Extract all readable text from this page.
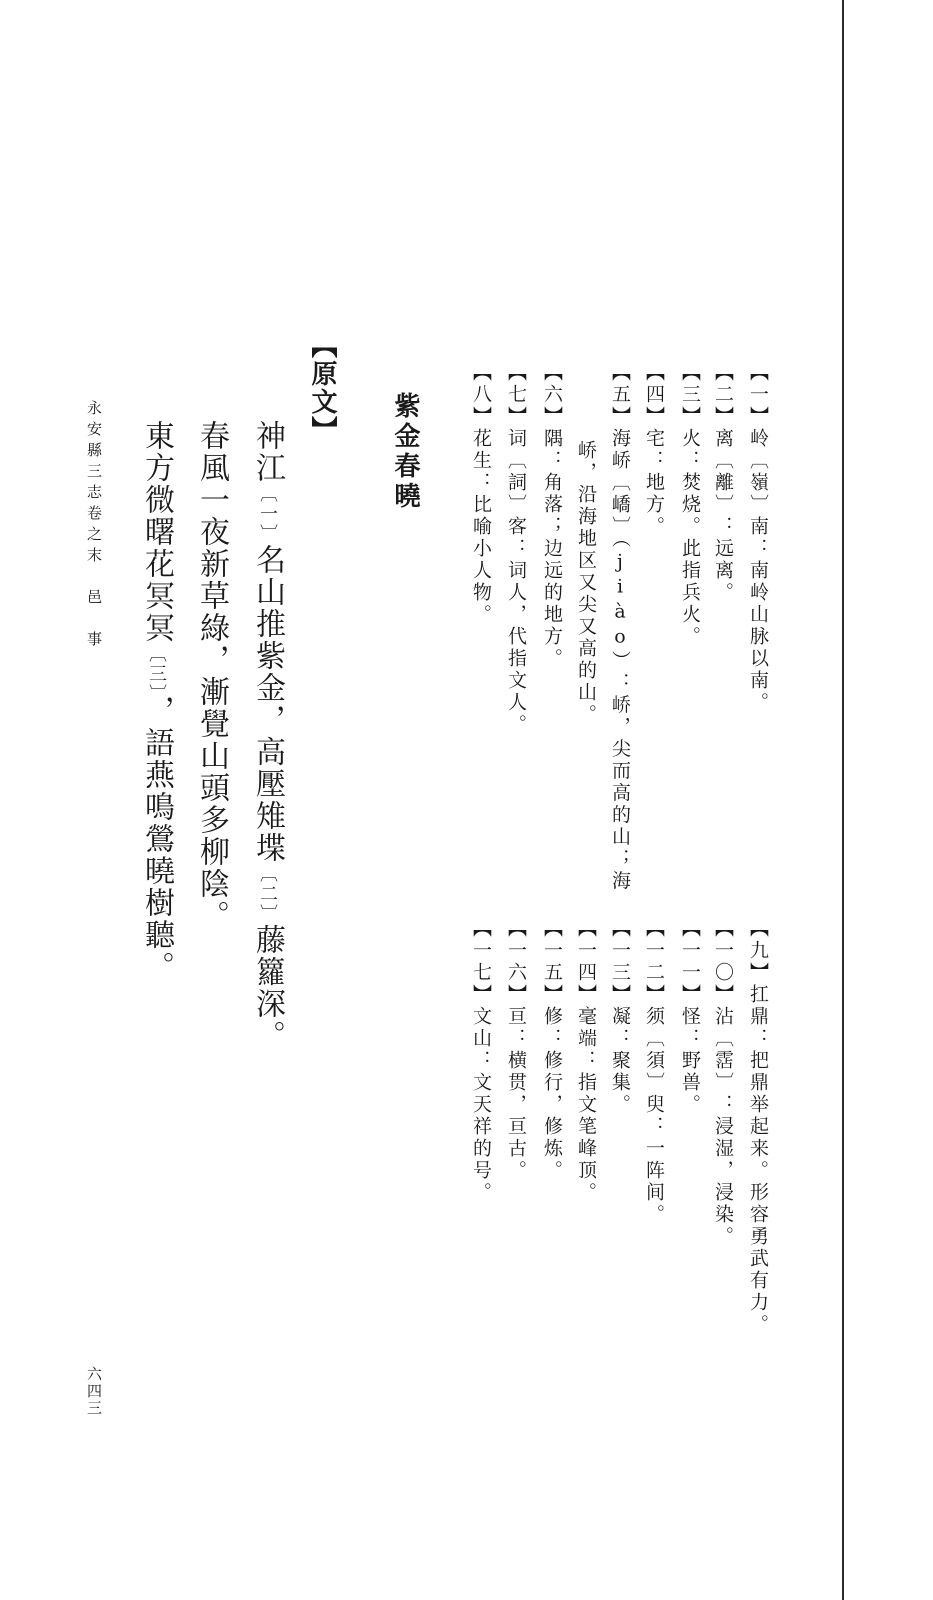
【一】岭〔嶺〕南：南岭山脉以南。
【二】离〔離〕：远离。
【三】火：焚烧。此指兵火。
【四】宅：地方。
【五】海峤〔嶠〕（jiào）：峤，尖而高的山；海
峤，沿海地区又尖又高的山。
【六】隅：角落；边远的地方。
【七】词〔詞〕客：词人，代指文人。
【八】花生：比喻小人物。
【九】扛鼎：把鼎举起来。形容勇武有力。
【一〇】沾〔霑〕：浸湿，浸染。
【一一】怪：野兽。
【一二】须〔須〕臾：一阵间。
【一三】凝：聚集。
【一四】毫端：指文笔峰顶。
【一五】修：修行，修炼。
【一六】亘：横贯，亘古。
【一七】文山：文天祥的号。
紫金春曉
【原文】
神江〔一〕名山推紫金，高壓雉堞〔二〕藤籮深。
春風一夜新草綠，漸覺山頭多柳陰。
東方微曙花冥冥〔三〕，語燕鳴鶯曉樹聽。
永安縣三志卷之末　邑　事
六四三
